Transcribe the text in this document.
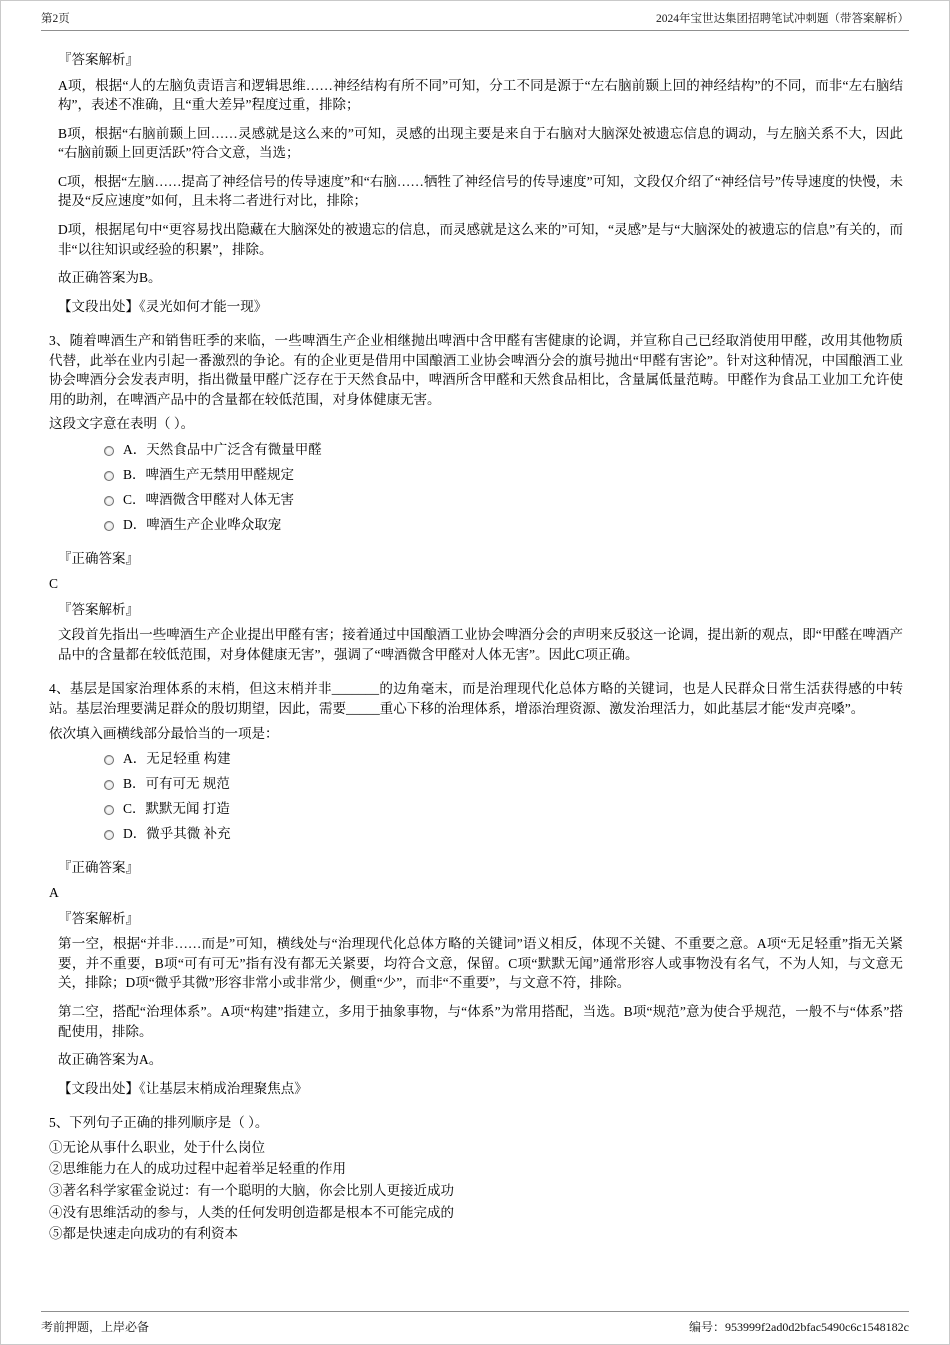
第2页	2024年宝世达集团招聘笔试冲刺题（带答案解析）
『答案解析』
A项，根据“人的左脑负责语言和逻辑思维……神经结构有所不同”可知，分工不同是源于“左右脑前颞上回的神经结构”的不同，而非“左右脑结构”，表述不准确，且“重大差异”程度过重，排除；
B项，根据“右脑前颞上回……灵感就是这么来的”可知，灵感的出现主要是来自于右脑对大脑深处被遗忘信息的调动，与左脑关系不大，因此“右脑前颞上回更活跃”符合文意，当选；
C项，根据“左脑……提高了神经信号的传导速度”和“右脑……牺牲了神经信号的传导速度”可知，文段仅介绍了“神经信号”传导速度的快慢，未提及“反应速度”如何，且未将二者进行对比，排除；
D项，根据尾句中“更容易找出隐藏在大脑深处的被遗忘的信息，而灵感就是这么来的”可知，“灵感”是与“大脑深处的被遗忘的信息”有关的，而非“以往知识或经验的积累”，排除。
故正确答案为B。
【文段出处】《灵光如何才能一现》
3、随着啤酒生产和销售旺季的来临，一些啤酒生产企业相继抛出啤酒中含甲醛有害健康的论调，并宣称自己已经取消使用甲醛，改用其他物质代替，此举在业内引起一番激烈的争论。有的企业更是借用中国酿酒工业协会啤酒分会的旗号抛出“甲醛有害论”。针对这种情况，中国酿酒工业协会啤酒分会发表声明，指出微量甲醛广泛存在于天然食品中，啤酒所含甲醛和天然食品相比，含量属低量范畴。甲醛作为食品工业加工允许使用的助剂，在啤酒产品中的含量都在较低范围，对身体健康无害。
这段文字意在表明（ ）。
A．天然食品中广泛含有微量甲醛
B．啤酒生产无禁用甲醛规定
C．啤酒微含甲醛对人体无害
D．啤酒生产企业哗众取宠
『正确答案』
C
『答案解析』
文段首先指出一些啤酒生产企业提出甲醛有害；接着通过中国酿酒工业协会啤酒分会的声明来反驳这一论调，提出新的观点，即“甲醛在啤酒产品中的含量都在较低范围，对身体健康无害”，强调了“啤酒微含甲醛对人体无害”。因此C项正确。
4、基层是国家治理体系的末梢，但这末梢并非_______的边角毫末，而是治理现代化总体方略的关键词，也是人民群众日常生活获得感的中转站。基层治理要满足群众的殷切期望，因此，需要_____重心下移的治理体系，增添治理资源、激发治理活力，如此基层才能“发声亮嗓”。
依次填入画横线部分最恰当的一项是：
A．无足轻重 构建
B．可有可无 规范
C．默默无闻 打造
D．微乎其微 补充
『正确答案』
A
『答案解析』
第一空，根据“并非……而是”可知，横线处与“治理现代化总体方略的关键词”语义相反，体现不关键、不重要之意。A项“无足轻重”指无关紧要，并不重要，B项“可有可无”指有没有都无关紧要，均符合文意，保留。C项“默默无闻”通常形容人或事物没有名气，不为人知，与文意无关，排除；D项“微乎其微”形容非常小或非常少，侧重“少”，而非“不重要”，与文意不符，排除。
第二空，搭配“治理体系”。A项“构建”指建立，多用于抽象事物，与“体系”为常用搭配，当选。B项“规范”意为使合乎规范，一般不与“体系”搭配使用，排除。
故正确答案为A。
【文段出处】《让基层末梢成治理聚焦点》
5、下列句子正确的排列顺序是（ ）。
①无论从事什么职业，处于什么岗位
②思维能力在人的成功过程中起着举足轻重的作用
③著名科学家霍金说过：有一个聪明的大脑，你会比别人更接近成功
④没有思维活动的参与，人类的任何发明创造都是根本不可能完成的
⑤都是快速走向成功的有利资本
考前押题，上岸必备	编号：953999f2ad0d2bfac5490c6c1548182c
